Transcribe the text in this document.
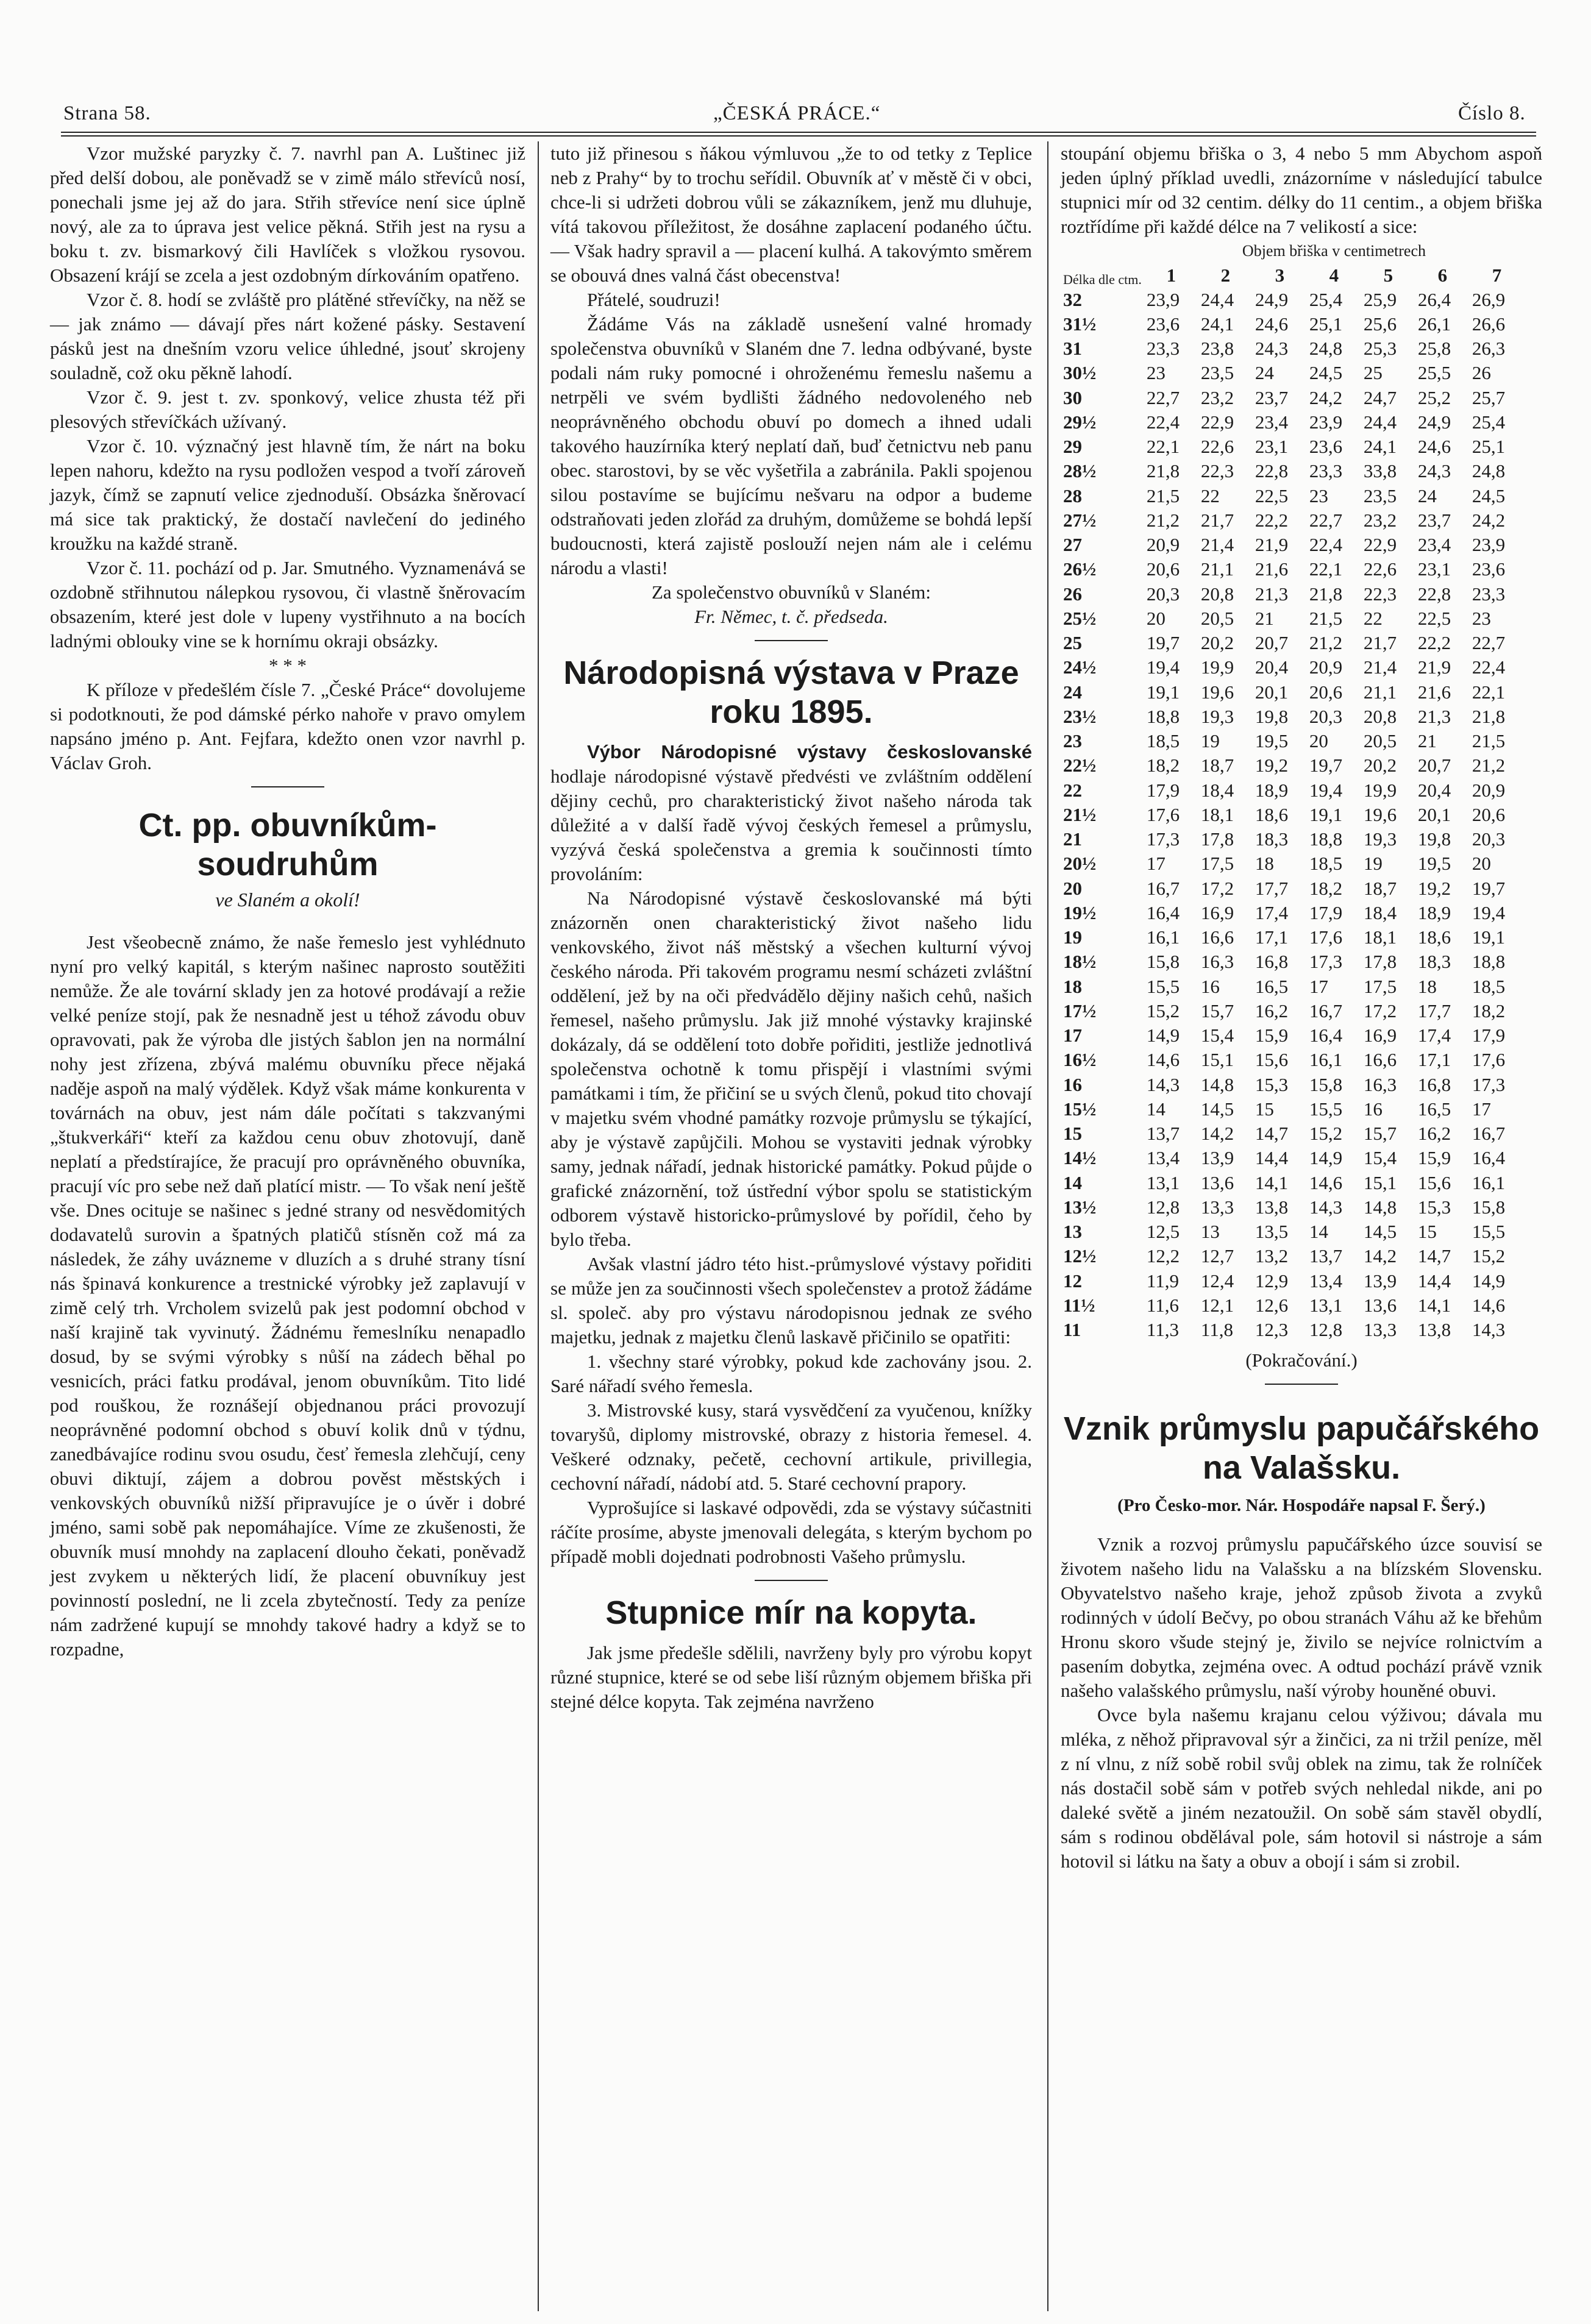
Strana 58.	„ČESKÁ PRÁCE.“	Číslo 8.

Vzor mužské paryzky č. 7. navrhl pan A. Luštinec již před delší dobou, ale poněvadž se v zimě málo střevíců nosí, ponechali jsme jej až do jara. Střih střevíce není sice úplně nový, ale za to úprava jest velice pěkná. Střih jest na rysu a boku t. zv. bismarkový čili Havlíček s vložkou rysovou. Obsazení krájí se zcela a jest ozdobným dírkováním opatřeno.

Vzor č. 8. hodí se zvláště pro plátěné střevíčky, na něž se — jak známo — dávají přes nárt kožené pásky. Sestavení pásků jest na dnešním vzoru velice úhledné, jsouť skrojeny souladně, což oku pěkně lahodí.

Vzor č. 9. jest t. zv. sponkový, velice zhusta též při plesových střevíčkách užívaný.

Vzor č. 10. význačný jest hlavně tím, že nárt na boku lepen nahoru, kdežto na rysu podložen vespod a tvoří zároveň jazyk, čímž se zapnutí velice zjednoduší. Obsázka šněrovací má sice tak praktický, že dostačí navlečení do jediného kroužku na každé straně.

Vzor č. 11. pochází od p. Jar. Smutného. Vyznamenává se ozdobně střihnutou nálepkou rysovou, či vlastně šněrovacím obsazením, které jest dole v lupeny vystřihnuto a na bocích ladnými oblouky vine se k hornímu okraji obsázky.

* * *

K příloze v předešlém čísle 7. „České Práce“ dovolujeme si podotknouti, že pod dámské pérko nahoře v pravo omylem napsáno jméno p. Ant. Fejfara, kdežto onen vzor navrhl p. Václav Groh.

Ct. pp. obuvníkům-soudruhům
ve Slaném a okolí!

Jest všeobecně známo, že naše řemeslo jest vyhlédnuto nyní pro velký kapitál, s kterým našinec naprosto soutěžiti nemůže. Že ale tovární sklady jen za hotové prodávají a režie velké peníze stojí, pak že nesnadně jest u téhož závodu obuv opravovati, pak že výroba dle jistých šablon jen na normální nohy jest zřízena, zbývá malému obuvníku přece nějaká naděje aspoň na malý výdělek. Když však máme konkurenta v továrnách na obuv, jest nám dále počítati s takzvanými „štukverkáři“ kteří za každou cenu obuv zhotovují, daně neplatí a předstírajíce, že pracují pro oprávněného obuvníka, pracují víc pro sebe než daň platící mistr. — To však není ještě vše. Dnes ocituje se našinec s jedné strany od nesvědomitých dodavatelů surovin a špatných platičů stísněn což má za následek, že záhy uváznemе v dluzích a s druhé strany tísní nás špinavá konkurence a trestnické výrobky jež zaplavují v zimě celý trh. Vrcholem svizelů pak jest podomní obchod v naší krajině tak vyvinutý. Žádnému řemeslníku nenapadlo dosud, by se svými výrobky s nůší na zádech běhal po vesnicích, práci fatku prodával, jenom obuvníkům. Tito lidé pod rouškou, že roznášejí objednanou práci provozují neoprávněné podomní obchod s obuví kolik dnů v týdnu, zanedbávajíce rodinu svou osudu, česť řemesla zlehčují, ceny obuvi diktují, zájem a dobrou pověst městských i venkovských obuvníků nižší připravujíce je o úvěr i dobré jméno, sami sobě pak nepomáhajíce. Víme ze zkušenosti, že obuvník musí mnohdy na zaplacení dlouho čekati, poněvadž jest zvykem u některých lidí, že placení obuvníkuy jest povinností poslední, ne li zcela zbytečností. Tedy za peníze nám zadržené kupují se mnohdy takové hadry a když se to rozpadne,

tuto již přinesou s ňákou výmluvou „že to od tetky z Teplice neb z Prahy“ by to trochu seřídil. Obuvník ať v městě či v obci, chce-li si udržeti dobrou vůli se zákazníkem, jenž mu dluhuje, vítá takovou příležitost, že dosáhne zaplacení podaného účtu. — Však hadry spravil a — placení kulhá. A takovýmto směrem se obouvá dnes valná část obecenstva!

Přátelé, soudruzi!

Žádáme Vás na základě usnešení valné hromady společenstva obuvníků v Slaném dne 7. ledna odbývané, byste podali nám ruky pomocné i ohroženému řemeslu našemu a netrpěli ve svém bydlišti žádného nedovoleného neb neoprávněného obchodu obuví po domech a ihned udali takového hauzírníka který neplatí daň, buď četnictvu neb panu obec. starostovi, by se věc vyšetřila a zabránila. Pakli spojenou silou postavíme se bujícímu nešvaru na odpor a budeme odstraňovati jeden zlořád za druhým, domůžeme se bohdá lepší budoucnosti, která zajistě poslouží nejen nám ale i celému národu a vlasti!

Za společenstvo obuvníků v Slaném:

Fr. Němec, t. č. předseda.

Národopisná výstava v Praze roku 1895.

Výbor Národopisné výstavy českoslovanské hodlaje národopisné výstavě předvésti ve zvláštním oddělení dějiny cechů, pro charakteristický život našeho národa tak důležité a v další řadě vývoj českých řemesel a průmyslu, vyzývá česká společenstva a gremia k součinnosti tímto provoláním:

Na Národopisné výstavě českoslovanské má býti znázorněn onen charakteristický život našeho lidu venkovského, život náš městský a všechen kulturní vývoj českého národa. Při takovém programu nesmí scházeti zvláštní oddělení, jež by na oči předvádělo dějiny našich cehů, našich řemesel, našeho průmyslu. Jak již mnohé výstavky krajinské dokázaly, dá se oddělení toto dobře pořiditi, jestliže jednotlivá společenstva ochotně k tomu přispějí i vlastními svými památkami i tím, že přičiní se u svých členů, pokud tito chovají v majetku svém vhodné památky rozvoje průmyslu se týkající, aby je výstavě zapůjčili. Mohou se vystaviti jednak výrobky samy, jednak nářadí, jednak historické památky. Pokud půjde o grafické znázornění, tož ústřední výbor spolu se statistickým odborem výstavě historicko-průmyslové by pořídil, čeho by bylo třeba.

Avšak vlastní jádro této hist.-průmyslové výstavy pořiditi se může jen za součinnosti všech společenstev a protož žádáme sl. společ. aby pro výstavu národopisnou jednak ze svého majetku, jednak z majetku členů laskavě přičinilo se opatřiti:

1. všechny staré výrobky, pokud kde zachovány jsou. 2. Saré nářadí svého řemesla.

3. Mistrovské kusy, stará vysvědčení za vyučenou, knížky tovaryšů, diplomy mistrovské, obrazy z historia řemesel. 4. Veškeré odznaky, pečetě, cechovní artikule, privillegia, cechovní nářadí, nádobí atd. 5. Staré cechovní prapory.

Vyprošujíce si laskavé odpovědi, zda se výstavy súčastniti ráčíte prosíme, abyste jmenovali delegáta, s kterým bychom po případě mobli dojednati podrobnosti Vašeho průmyslu.

Stupnice mír na kopyta.

Jak jsme předešle sdělili, navrženy byly pro výrobu kopyt různé stupnice, které se od sebe liší různým objemem břiška při stejné délce kopyta. Tak zejména navrženo

stoupání objemu břiška o 3, 4 nebo 5 mm Abychom aspoň jeden úplný příklad uvedli, znázorníme v následující tabulce stupnici mír od 32 centim. délky do 11 centim., a objem břiška roztřídíme při každé délce na 7 velikostí a sice:

Délka dle ctm.	Objem břiška v centimetrech						
	1	2	3	4	5	6	7
32	23,9	24,4	24,9	25,4	25,9	26,4	26,9
31½	23,6	24,1	24,6	25,1	25,6	26,1	26,6
31	23,3	23,8	24,3	24,8	25,3	25,8	26,3
30½	23	23,5	24	24,5	25	25,5	26
30	22,7	23,2	23,7	24,2	24,7	25,2	25,7
29½	22,4	22,9	23,4	23,9	24,4	24,9	25,4
29	22,1	22,6	23,1	23,6	24,1	24,6	25,1
28½	21,8	22,3	22,8	23,3	33,8	24,3	24,8
28	21,5	22	22,5	23	23,5	24	24,5
27½	21,2	21,7	22,2	22,7	23,2	23,7	24,2
27	20,9	21,4	21,9	22,4	22,9	23,4	23,9
26½	20,6	21,1	21,6	22,1	22,6	23,1	23,6
26	20,3	20,8	21,3	21,8	22,3	22,8	23,3
25½	20	20,5	21	21,5	22	22,5	23
25	19,7	20,2	20,7	21,2	21,7	22,2	22,7
24½	19,4	19,9	20,4	20,9	21,4	21,9	22,4
24	19,1	19,6	20,1	20,6	21,1	21,6	22,1
23½	18,8	19,3	19,8	20,3	20,8	21,3	21,8
23	18,5	19	19,5	20	20,5	21	21,5
22½	18,2	18,7	19,2	19,7	20,2	20,7	21,2
22	17,9	18,4	18,9	19,4	19,9	20,4	20,9
21½	17,6	18,1	18,6	19,1	19,6	20,1	20,6
21	17,3	17,8	18,3	18,8	19,3	19,8	20,3
20½	17	17,5	18	18,5	19	19,5	20
20	16,7	17,2	17,7	18,2	18,7	19,2	19,7
19½	16,4	16,9	17,4	17,9	18,4	18,9	19,4
19	16,1	16,6	17,1	17,6	18,1	18,6	19,1
18½	15,8	16,3	16,8	17,3	17,8	18,3	18,8
18	15,5	16	16,5	17	17,5	18	18,5
17½	15,2	15,7	16,2	16,7	17,2	17,7	18,2
17	14,9	15,4	15,9	16,4	16,9	17,4	17,9
16½	14,6	15,1	15,6	16,1	16,6	17,1	17,6
16	14,3	14,8	15,3	15,8	16,3	16,8	17,3
15½	14	14,5	15	15,5	16	16,5	17
15	13,7	14,2	14,7	15,2	15,7	16,2	16,7
14½	13,4	13,9	14,4	14,9	15,4	15,9	16,4
14	13,1	13,6	14,1	14,6	15,1	15,6	16,1
13½	12,8	13,3	13,8	14,3	14,8	15,3	15,8
13	12,5	13	13,5	14	14,5	15	15,5
12½	12,2	12,7	13,2	13,7	14,2	14,7	15,2
12	11,9	12,4	12,9	13,4	13,9	14,4	14,9
11½	11,6	12,1	12,6	13,1	13,6	14,1	14,6
11	11,3	11,8	12,3	12,8	13,3	13,8	14,3

(Pokračování.)

Vznik průmyslu papučářského na Valašsku.
(Pro Česko-mor. Nár. Hospodáře napsal F. Šerý.)

Vznik a rozvoj průmyslu papučářského úzce souvisí se životem našeho lidu na Valašsku a na blízském Slovensku. Obyvatelstvo našeho kraje, jehož způsob života a zvyků rodinných v údolí Bečvy, po obou stranách Váhu až ke břehům Hronu skoro všude stejný je, živilo se nejvíce rolnictvím a pasením dobytka, zejména ovec. A odtud pochází právě vznik našeho valašského průmyslu, naší výroby houněné obuvi.

Ovce byla našemu krajanu celou výživou; dávala mu mléka, z něhož připravoval sýr a žinčici, za ni tržil peníze, měl z ní vlnu, z níž sobě robil svůj oblek na zimu, tak že rolníček nás dostačil sobě sám v potřeb svých nehledal nikde, ani po daleké světě a jiném nezatoužil. On sobě sám stavěl obydlí, sám s rodinou obdělával pole, sám hotovil si nástroje a sám hotovil si látku na šaty a obuv a obojí i sám si zrobil.
